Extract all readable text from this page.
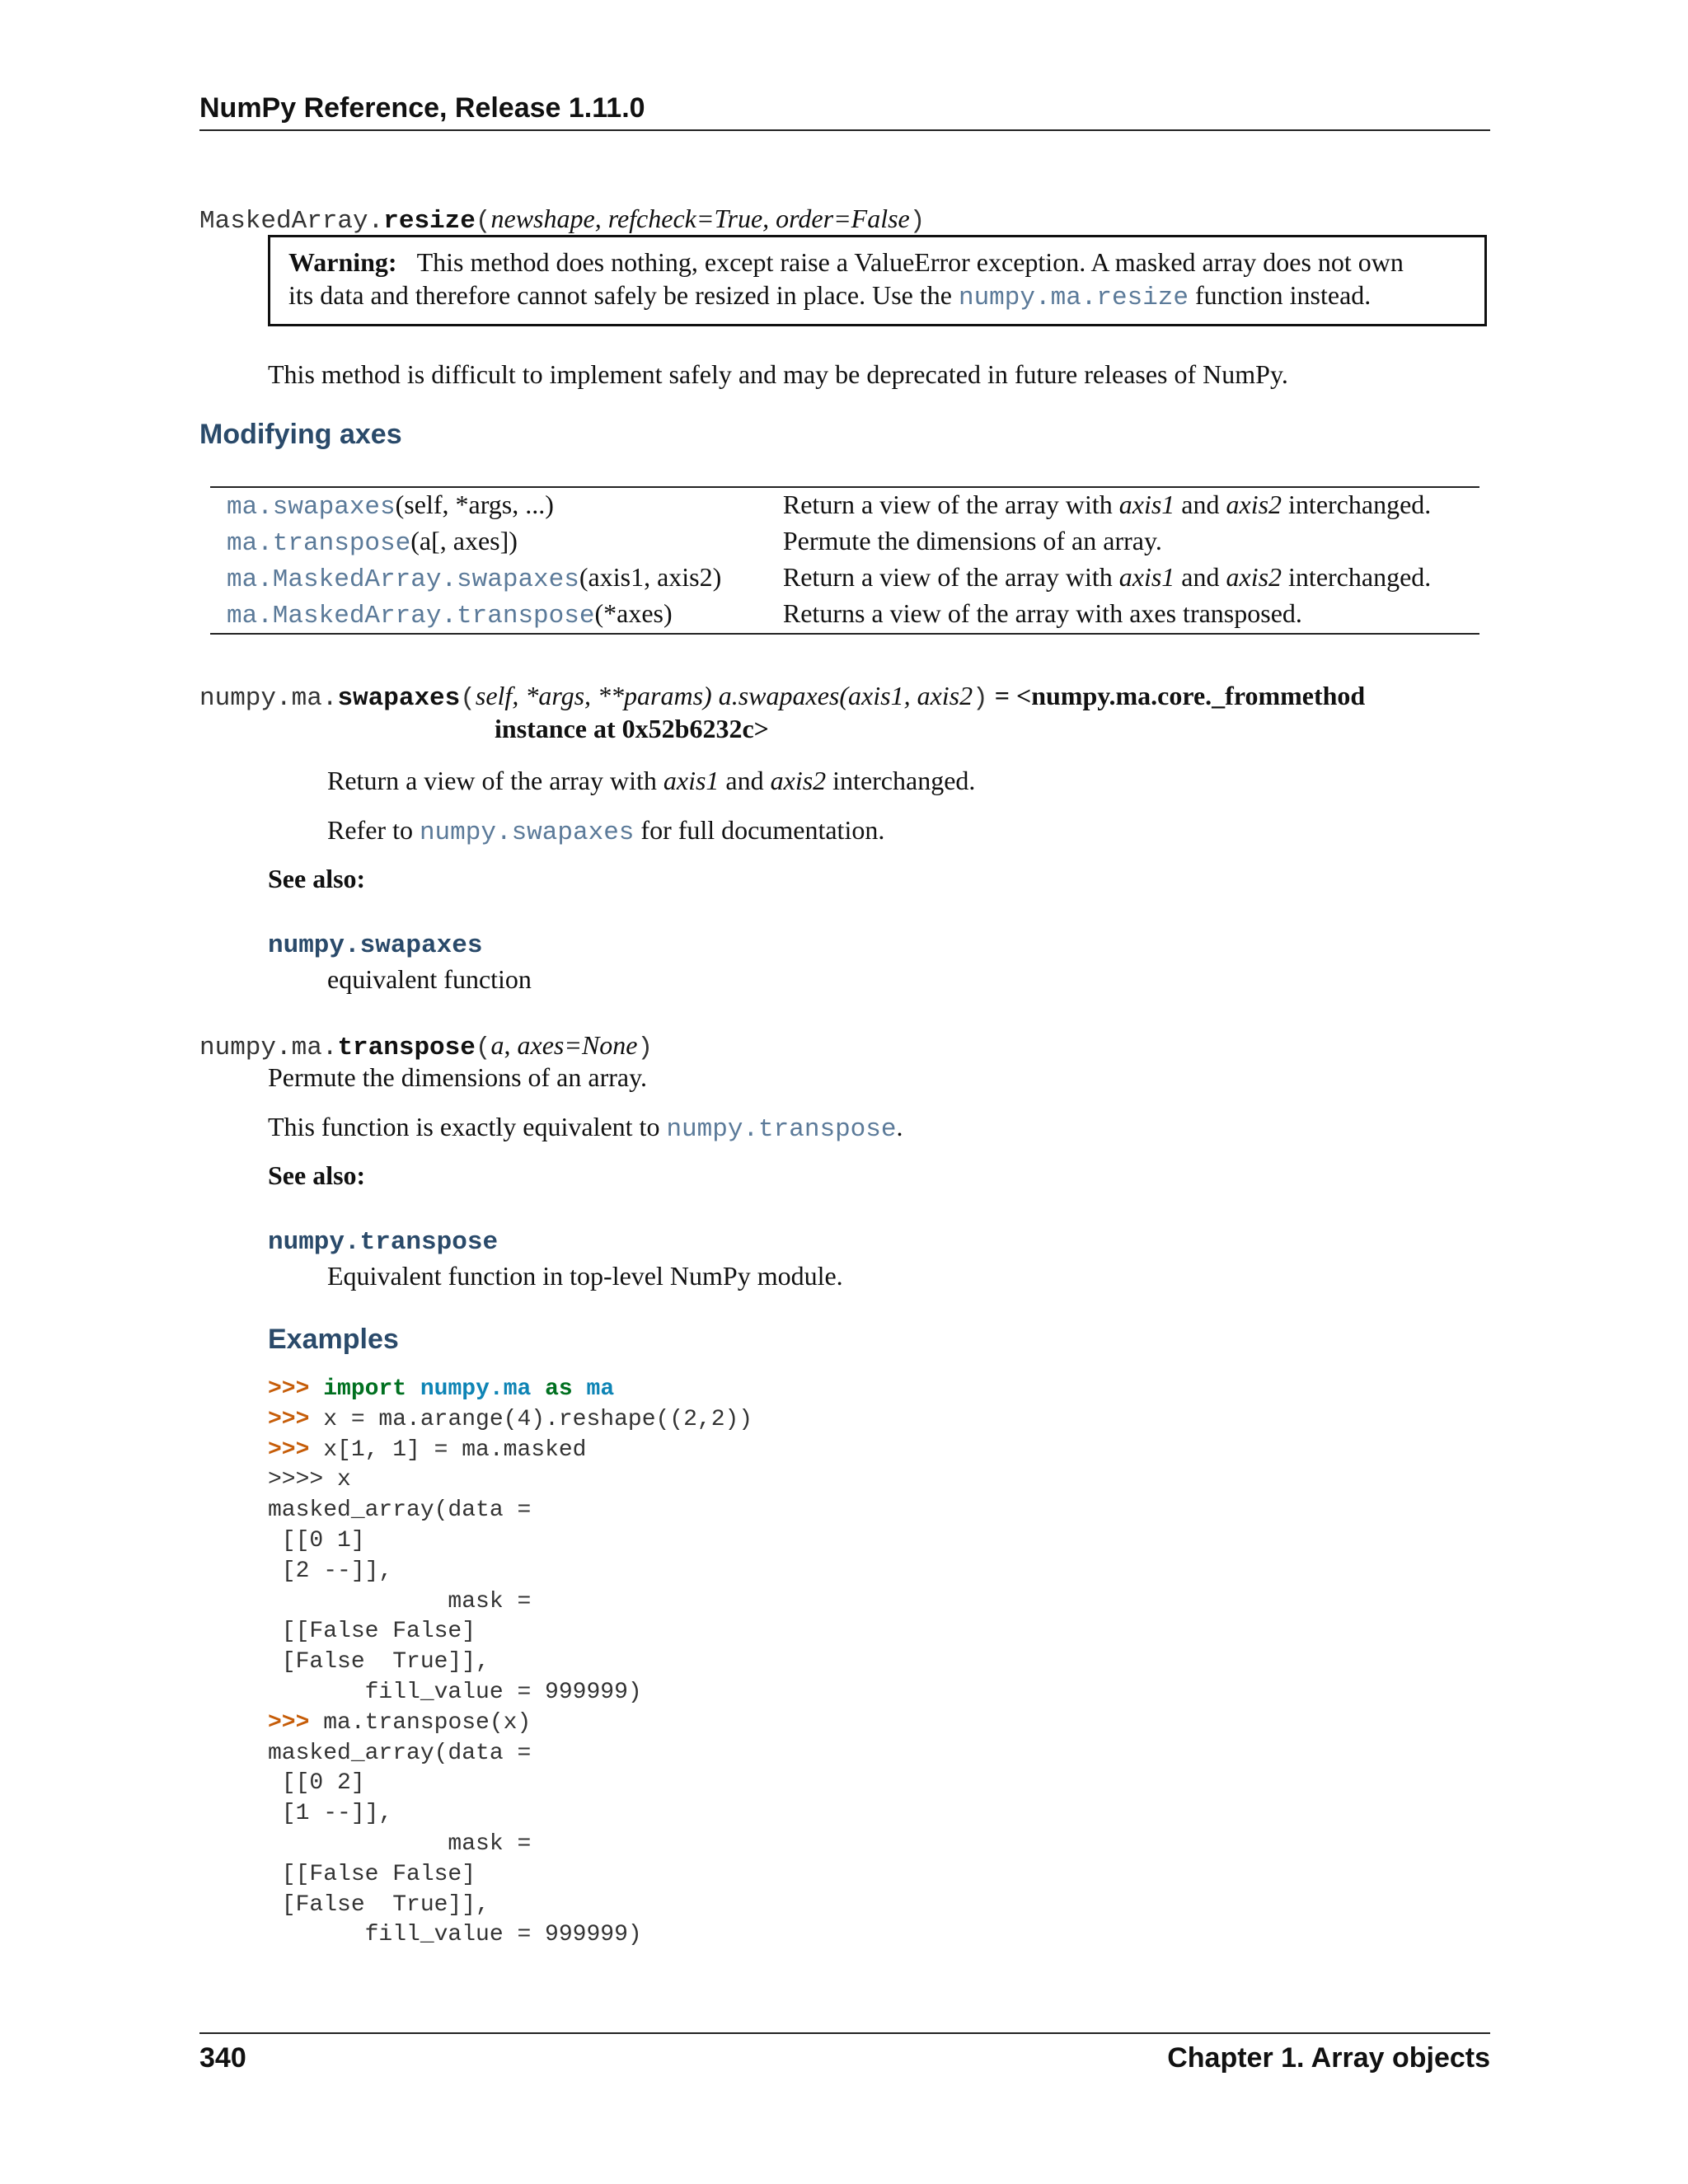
NumPy Reference, Release 1.11.0
MaskedArray.resize(newshape, refcheck=True, order=False)
Warning: This method does nothing, except raise a ValueError exception. A masked array does not own
its data and therefore cannot safely be resized in place. Use the numpy.ma.resize function instead.
This method is difficult to implement safely and may be deprecated in future releases of NumPy.
Modifying axes
ma.swapaxes(self, *args, ...)	Return a view of the array with axis1 and axis2 interchanged.
ma.transpose(a[, axes])	Permute the dimensions of an array.
ma.MaskedArray.swapaxes(axis1, axis2)	Return a view of the array with axis1 and axis2 interchanged.
ma.MaskedArray.transpose(*axes)	Returns a view of the array with axes transposed.
numpy.ma.swapaxes(self, *args, **params) a.swapaxes(axis1, axis2) = <numpy.ma.core._frommethod
instance at 0x52b6232c>
Return a view of the array with axis1 and axis2 interchanged.
Refer to numpy.swapaxes for full documentation.
See also:
numpy.swapaxes
equivalent function
numpy.ma.transpose(a, axes=None)
Permute the dimensions of an array.
This function is exactly equivalent to numpy.transpose.
See also:
numpy.transpose
Equivalent function in top-level NumPy module.
Examples
>>> import numpy.ma as ma
>>> x = ma.arange(4).reshape((2,2))
>>> x[1, 1] = ma.masked
>>>> x
masked_array(data =
[[0 1]
[2 --]],
mask =
[[False False]
[False  True]],
fill_value = 999999)
>>> ma.transpose(x)
masked_array(data =
[[0 2]
[1 --]],
mask =
[[False False]
[False  True]],
fill_value = 999999)
340	Chapter 1. Array objects
